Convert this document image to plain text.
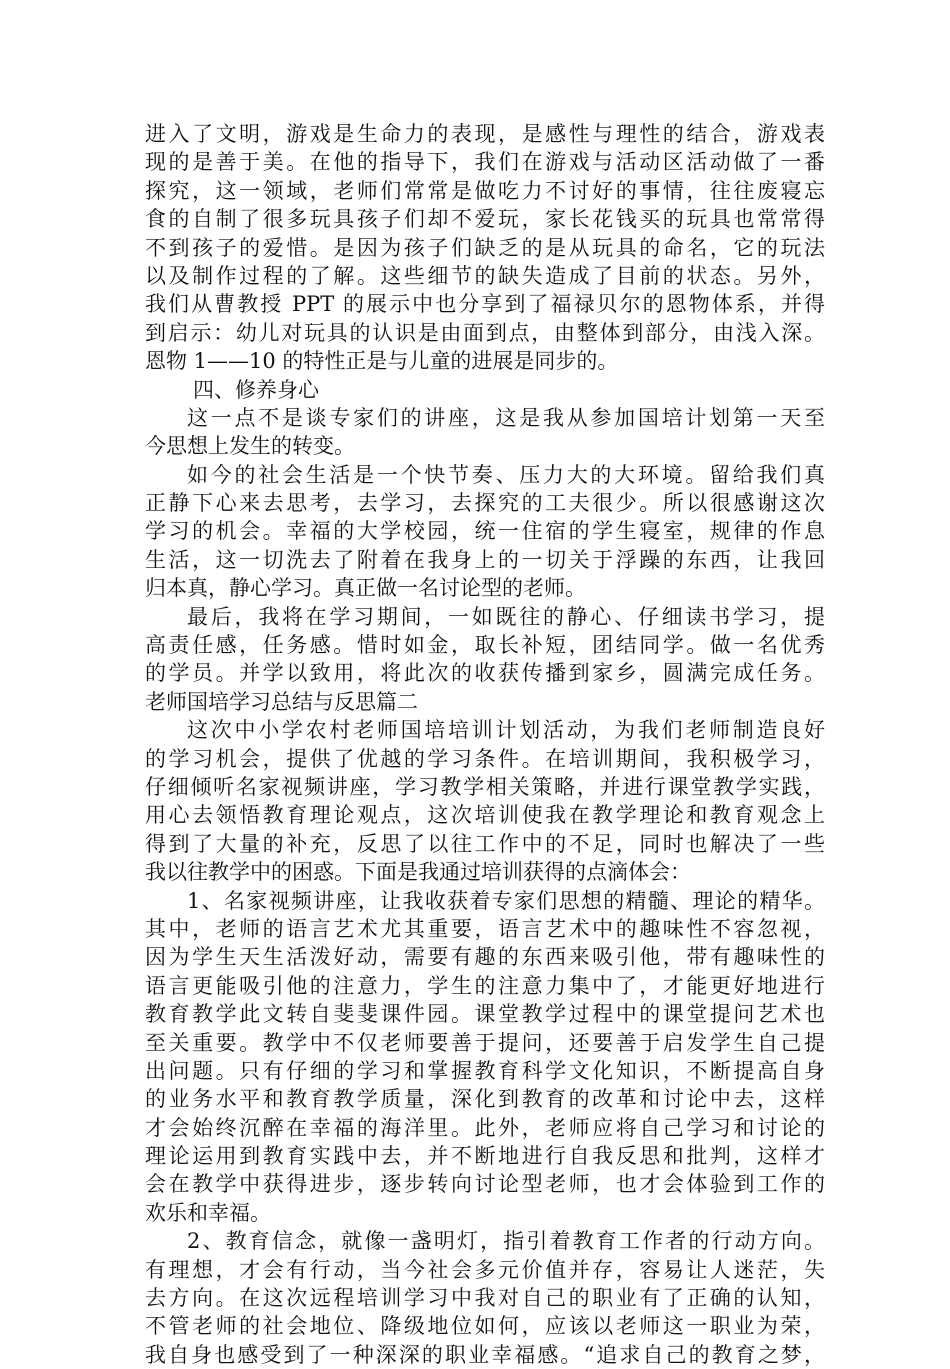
进入了文明，游戏是生命力的表现，是感性与理性的结合，游戏表
现的是善于美。在他的指导下，我们在游戏与活动区活动做了一番
探究，这一领域，老师们常常是做吃力不讨好的事情，往往废寝忘
食的自制了很多玩具孩子们却不爱玩，家长花钱买的玩具也常常得
不到孩子的爱惜。是因为孩子们缺乏的是从玩具的命名，它的玩法
以及制作过程的了解。这些细节的缺失造成了目前的状态。另外，
我们从曹教授 PPT 的展示中也分享到了福禄贝尔的恩物体系，并得
到启示：幼儿对玩具的认识是由面到点，由整体到部分，由浅入深。
恩物 1——10 的特性正是与儿童的进展是同步的。
四、修养身心
这一点不是谈专家们的讲座，这是我从参加国培计划第一天至
今思想上发生的转变。
如今的社会生活是一个快节奏、压力大的大环境。留给我们真
正静下心来去思考，去学习，去探究的工夫很少。所以很感谢这次
学习的机会。幸福的大学校园，统一住宿的学生寝室，规律的作息
生活，这一切洗去了附着在我身上的一切关于浮躁的东西，让我回
归本真，静心学习。真正做一名讨论型的老师。
最后，我将在学习期间，一如既往的静心、仔细读书学习，提
高责任感，任务感。惜时如金，取长补短，团结同学。做一名优秀
的学员。并学以致用，将此次的收获传播到家乡，圆满完成任务。
老师国培学习总结与反思篇二
这次中小学农村老师国培培训计划活动，为我们老师制造良好
的学习机会，提供了优越的学习条件。在培训期间，我积极学习，
仔细倾听名家视频讲座，学习教学相关策略，并进行课堂教学实践，
用心去领悟教育理论观点，这次培训使我在教学理论和教育观念上
得到了大量的补充，反思了以往工作中的不足，同时也解决了一些
我以往教学中的困惑。下面是我通过培训获得的点滴体会：
1、名家视频讲座，让我收获着专家们思想的精髓、理论的精华。
其中，老师的语言艺术尤其重要，语言艺术中的趣味性不容忽视，
因为学生天生活泼好动，需要有趣的东西来吸引他，带有趣味性的
语言更能吸引他的注意力，学生的注意力集中了，才能更好地进行
教育教学此文转自斐斐课件园。课堂教学过程中的课堂提问艺术也
至关重要。教学中不仅老师要善于提问，还要善于启发学生自己提
出问题。只有仔细的学习和掌握教育科学文化知识，不断提高自身
的业务水平和教育教学质量，深化到教育的改革和讨论中去，这样
才会始终沉醉在幸福的海洋里。此外，老师应将自己学习和讨论的
理论运用到教育实践中去，并不断地进行自我反思和批判，这样才
会在教学中获得进步，逐步转向讨论型老师，也才会体验到工作的
欢乐和幸福。
2、教育信念，就像一盏明灯，指引着教育工作者的行动方向。
有理想，才会有行动，当今社会多元价值并存，容易让人迷茫，失
去方向。在这次远程培训学习中我对自己的职业有了正确的认知，
不管老师的社会地位、降级地位如何，应该以老师这一职业为荣，
我自身也感受到了一种深深的职业幸福感。“追求自己的教育之梦，
